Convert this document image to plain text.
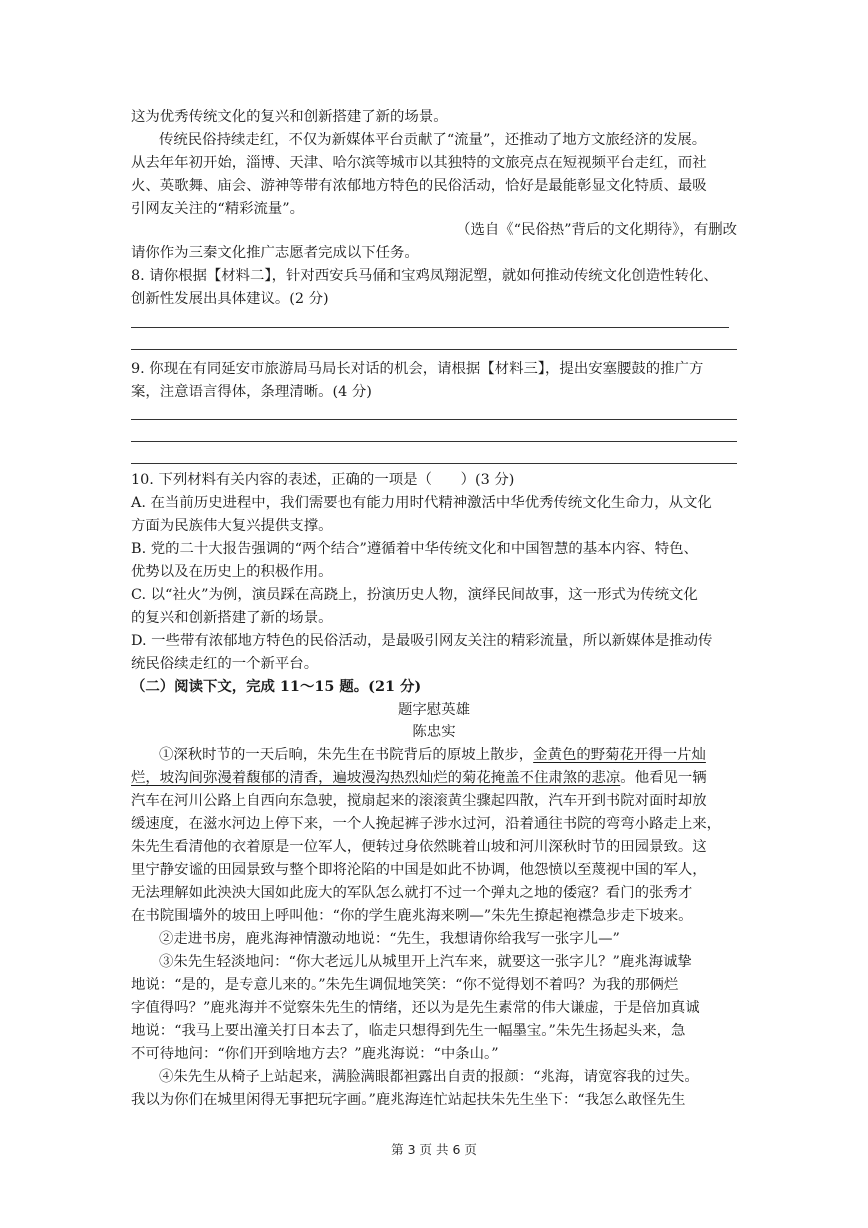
这为优秀传统文化的复兴和创新搭建了新的场景。
传统民俗持续走红，不仅为新媒体平台贡献了“流量”，还推动了地方文旅经济的发展。
从去年年初开始，淄博、天津、哈尔滨等城市以其独特的文旅亮点在短视频平台走红，而社
火、英歌舞、庙会、游神等带有浓郁地方特色的民俗活动，恰好是最能彰显文化特质、最吸
引网友关注的“精彩流量”。
（选自《“民俗热”背后的文化期待》，有删改
请你作为三秦文化推广志愿者完成以下任务。
8. 请你根据【材料二】，针对西安兵马俑和宝鸡凤翔泥塑，就如何推动传统文化创造性转化、
创新性发展出具体建议。(2 分)
9. 你现在有同延安市旅游局马局长对话的机会，请根据【材料三】，提出安塞腰鼓的推广方
案，注意语言得体，条理清晰。(4 分)
10. 下列材料有关内容的表述，正确的一项是（　　）(3 分)
A. 在当前历史进程中，我们需要也有能力用时代精神激活中华优秀传统文化生命力，从文化
方面为民族伟大复兴提供支撑。
B. 党的二十大报告强调的“两个结合”遵循着中华传统文化和中国智慧的基本内容、特色、
优势以及在历史上的积极作用。
C. 以“社火”为例，演员踩在高跷上，扮演历史人物，演绎民间故事，这一形式为传统文化
的复兴和创新搭建了新的场景。
D. 一些带有浓郁地方特色的民俗活动，是最吸引网友关注的精彩流量，所以新媒体是推动传
统民俗续走红的一个新平台。
（二）阅读下文，完成 11～15 题。(21 分)
题字慰英雄
陈忠实
①深秋时节的一天后晌，朱先生在书院背后的原坡上散步，金黄色的野菊花开得一片灿
烂，坡沟间弥漫着馥郁的清香，遍坡漫沟热烈灿烂的菊花掩盖不住肃煞的悲凉。他看见一辆
汽车在河川公路上自西向东急驶，搅扇起来的滚滚黄尘骤起四散，汽车开到书院对面时却放
缓速度，在滋水河边上停下来，一个人挽起裤子涉水过河，沿着通往书院的弯弯小路走上来，
朱先生看清他的衣着原是一位军人，便转过身依然眺着山坡和河川深秋时节的田园景致。这
里宁静安谧的田园景致与整个即将沦陷的中国是如此不协调，他怨愤以至蔑视中国的军人，
无法理解如此泱泱大国如此庞大的军队怎么就打不过一个弹丸之地的倭寇？看门的张秀才
在书院围墙外的坡田上呼叫他：“你的学生鹿兆海来咧—”朱先生撩起袍襟急步走下坡来。
②走进书房，鹿兆海神情激动地说：“先生，我想请你给我写一张字儿—”
③朱先生轻淡地问：“你大老远儿从城里开上汽车来，就要这一张字儿？”鹿兆海诚挚
地说：“是的，是专意儿来的。”朱先生调侃地笑笑：“你不觉得划不着吗？为我的那俩烂
字值得吗？”鹿兆海并不觉察朱先生的情绪，还以为是先生素常的伟大谦虚，于是倍加真诚
地说：“我马上要出潼关打日本去了，临走只想得到先生一幅墨宝。”朱先生扬起头来，急
不可待地问：“你们开到啥地方去？”鹿兆海说：“中条山。”
④朱先生从椅子上站起来，满脸满眼都袒露出自责的报颜：“兆海，请宽容我的过失。
我以为你们在城里闲得无事把玩字画。”鹿兆海连忙站起扶朱先生坐下：“我怎么敢怪先生
第 3 页 共 6 页
